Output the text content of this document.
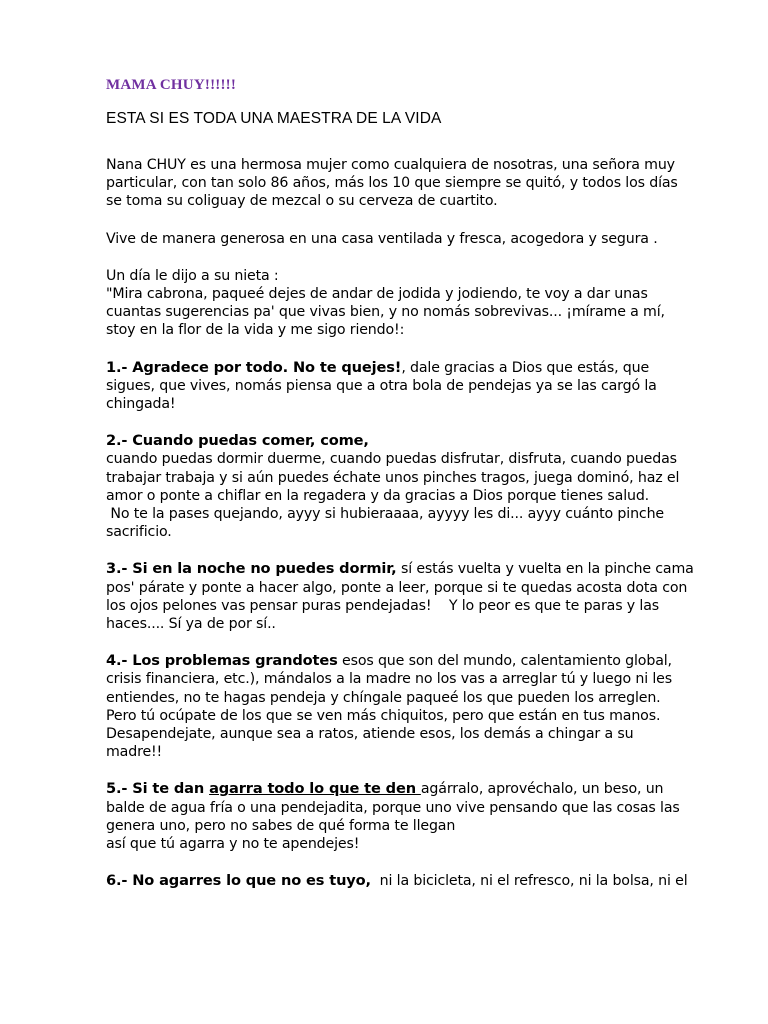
MAMA CHUY!!!!!!
ESTA SI ES TODA UNA MAESTRA DE LA VIDA

Nana CHUY es una hermosa mujer como cualquiera de nosotras, una señora muy
particular, con tan solo 86 años, más los 10 que siempre se quitó, y todos los días
se toma su coliguay de mezcal o su cerveza de cuartito.

Vive de manera generosa en una casa ventilada y fresca, acogedora y segura .

Un día le dijo a su nieta :
"Mira cabrona, paqueé dejes de andar de jodida y jodiendo, te voy a dar unas
cuantas sugerencias pa' que vivas bien, y no nomás sobrevivas... ¡mírame a mí,
stoy en la flor de la vida y me sigo riendo!:

1.- Agradece por todo. No te quejes!, dale gracias a Dios que estás, que
sigues, que vives, nomás piensa que a otra bola de pendejas ya se las cargó la
chingada!

2.- Cuando puedas comer, come,
cuando puedas dormir duerme, cuando puedas disfrutar, disfruta, cuando puedas
trabajar trabaja y si aún puedes échate unos pinches tragos, juega dominó, haz el
amor o ponte a chiflar en la regadera y da gracias a Dios porque tienes salud.
No te la pases quejando, ayyy si hubieraaaa, ayyyy les di... ayyy cuánto pinche
sacrificio.

3.- Si en la noche no puedes dormir, sí estás vuelta y vuelta en la pinche cama
pos' párate y ponte a hacer algo, ponte a leer, porque si te quedas acosta dota con
los ojos pelones vas pensar puras pendejadas!    Y lo peor es que te paras y las
haces.... Sí ya de por sí..

4.- Los problemas grandotes esos que son del mundo, calentamiento global,
crisis financiera, etc.), mándalos a la madre no los vas a arreglar tú y luego ni les
entiendes, no te hagas pendeja y chíngale paqueé los que pueden los arreglen.
Pero tú ocúpate de los que se ven más chiquitos, pero que están en tus manos.
Desapendejate, aunque sea a ratos, atiende esos, los demás a chingar a su
madre!!

5.- Si te dan agarra todo lo que te den agárralo, aprovéchalo, un beso, un
balde de agua fría o una pendejadita, porque uno vive pensando que las cosas las
genera uno, pero no sabes de qué forma te llegan
así que tú agarra y no te apendejes!

6.- No agarres lo que no es tuyo,  ni la bicicleta, ni el refresco, ni la bolsa, ni el
